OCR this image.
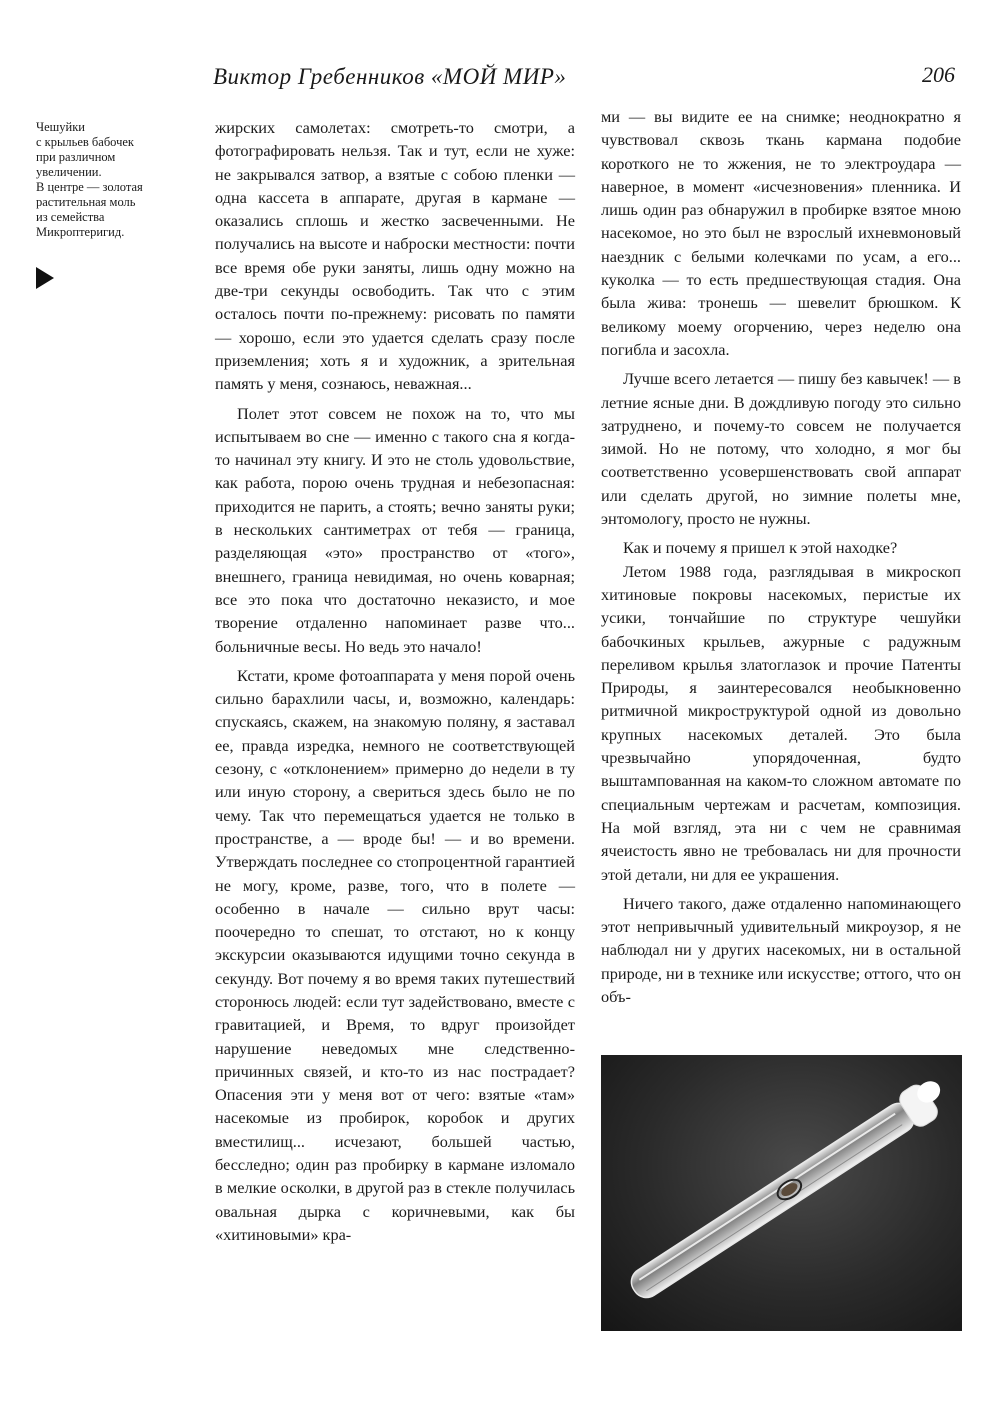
Виктор Гребенников «МОЙ МИР»	206
Чешуйки
с крыльев бабочек
при различном
увеличении.
В центре — золотая
растительная моль
из семейства
Микроптеригид.

жирских самолетах: смотреть-то смотри, а фотографировать нельзя. Так и тут, если не хуже: не закрывался затвор, а взятые с собою пленки — одна кассета в аппарате, другая в кармане — оказались сплошь и жестко засвеченными. Не получались на высоте и наброски местности: почти все время обе руки заняты, лишь одну можно на две-три секунды освободить. Так что с этим осталось почти по-прежнему: рисовать по памяти — хорошо, если это удается сделать сразу после приземления; хоть я и художник, а зрительная память у меня, сознаюсь, неважная...

Полет этот совсем не похож на то, что мы испытываем во сне — именно с такого сна я когда-то начинал эту книгу. И это не столь удовольствие, как работа, порою очень трудная и небезопасная: приходится не парить, а стоять; вечно заняты руки; в нескольких сантиметрах от тебя — граница, разделяющая «это» пространство от «того», внешнего, граница невидимая, но очень коварная; все это пока что достаточно неказисто, и мое творение отдаленно напоминает разве что... больничные весы. Но ведь это начало!

Кстати, кроме фотоаппарата у меня порой очень сильно барахлили часы, и, возможно, календарь: спускаясь, скажем, на знакомую поляну, я заставал ее, правда изредка, немного не соответствующей сезону, с «отклонением» примерно до недели в ту или иную сторону, а свериться здесь было не по чему. Так что перемещаться удается не только в пространстве, а — вроде бы! — и во времени. Утверждать последнее со стопроцентной гарантией не могу, кроме, разве, того, что в полете — особенно в начале — сильно врут часы: поочередно то спешат, то отстают, но к концу экскурсии оказываются идущими точно секунда в секунду. Вот почему я во время таких путешествий сторонюсь людей: если тут задействовано, вместе с гравитацией, и Время, то вдруг произойдет нарушение неведомых мне следственно-причинных связей, и кто-то из нас пострадает? Опасения эти у меня вот от чего: взятые «там» насекомые из пробирок, коробок и других вместилищ... исчезают, большей частью, бесследно; один раз пробирку в кармане изломало в мелкие осколки, в другой раз в стекле получилась овальная дырка с коричневыми, как бы «хитиновыми» кра-

ми — вы видите ее на снимке; неоднократно я чувствовал сквозь ткань кармана подобие короткого не то жжения, не то электроудара — наверное, в момент «исчезновения» пленника. И лишь один раз обнаружил в пробирке взятое мною насекомое, но это был не взрослый ихневмоновый наездник с белыми колечками по усам, а его... куколка — то есть предшествующая стадия. Она была жива: тронешь — шевелит брюшком. К великому моему огорчению, через неделю она погибла и засохла.

Лучше всего летается — пишу без кавычек! — в летние ясные дни. В дождливую погоду это сильно затруднено, и почему-то совсем не получается зимой. Но не потому, что холодно, я мог бы соответственно усовершенствовать свой аппарат или сделать другой, но зимние полеты мне, энтомологу, просто не нужны.

Как и почему я пришел к этой находке?

Летом 1988 года, разглядывая в микроскоп хитиновые покровы насекомых, перистые их усики, тончайшие по структуре чешуйки бабочкиных крыльев, ажурные с радужным переливом крылья златоглазок и прочие Патенты Природы, я заинтересовался необыкновенно ритмичной микроструктурой одной из довольно крупных насекомых деталей. Это была чрезвычайно упорядоченная, будто выштампованная на каком-то сложном автомате по специальным чертежам и расчетам, композиция. На мой взгляд, эта ни с чем не сравнимая ячеистость явно не требовалась ни для прочности этой детали, ни для ее украшения.

Ничего такого, даже отдаленно напоминающего этот непривычный удивительный микроузор, я не наблюдал ни у других насекомых, ни в остальной природе, ни в технике или искусстве; оттого, что он объ-
